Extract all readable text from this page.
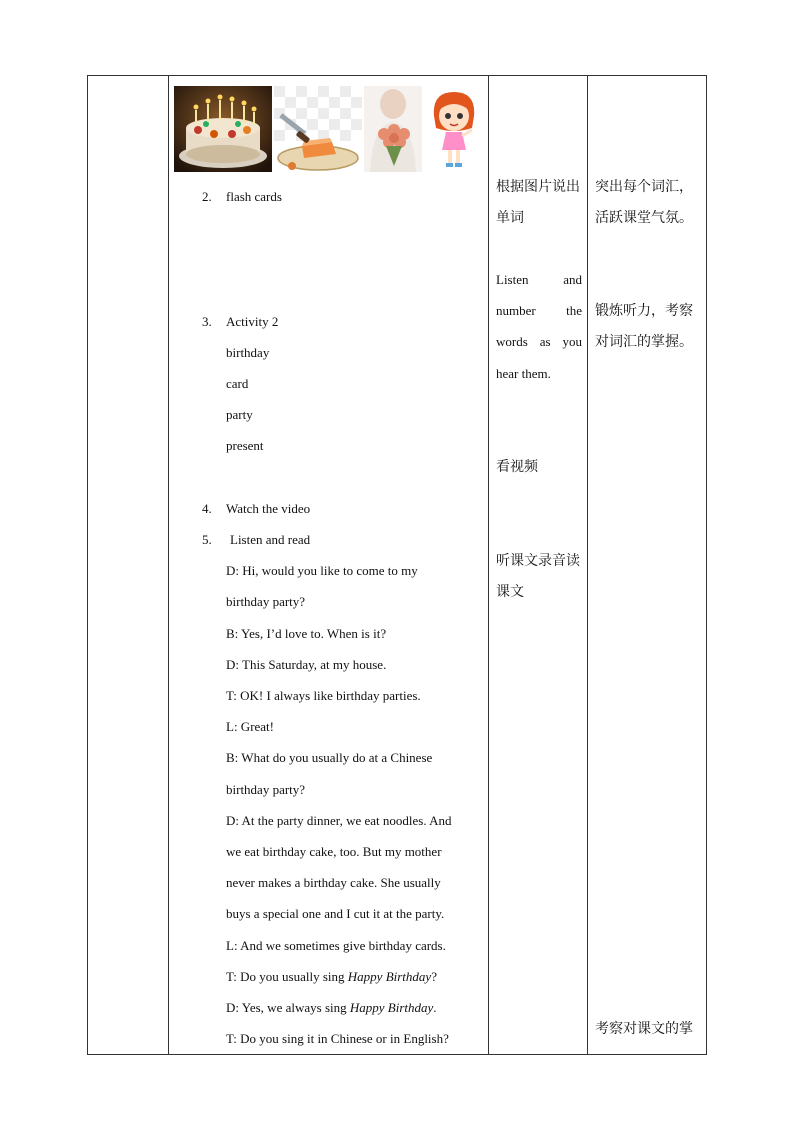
2. flash cards
3. Activity 2
birthday
card
party
present
4. Watch the video
5. Listen and read
D: Hi, would you like to come to my
birthday party?
B: Yes, I’d love to. When is it?
D: This Saturday, at my house.
T: OK! I always like birthday parties.
L: Great!
B: What do you usually do at a Chinese
birthday party?
D: At the party dinner, we eat noodles. And
we eat birthday cake, too. But my mother
never makes a birthday cake. She usually
buys a special one and I cut it at the party.
L: And we sometimes give birthday cards.
T: Do you usually sing Happy Birthday?
D: Yes, we always sing Happy Birthday.
T: Do you sing it in Chinese or in English?
根据图片说出
单词
Listen	and
number the
words as you
hear them.
看视频
听课文录音读
课文
突出每个词汇，
活跃课堂气氛。
锻炼听力，考察
对词汇的掌握。
考察对课文的掌
